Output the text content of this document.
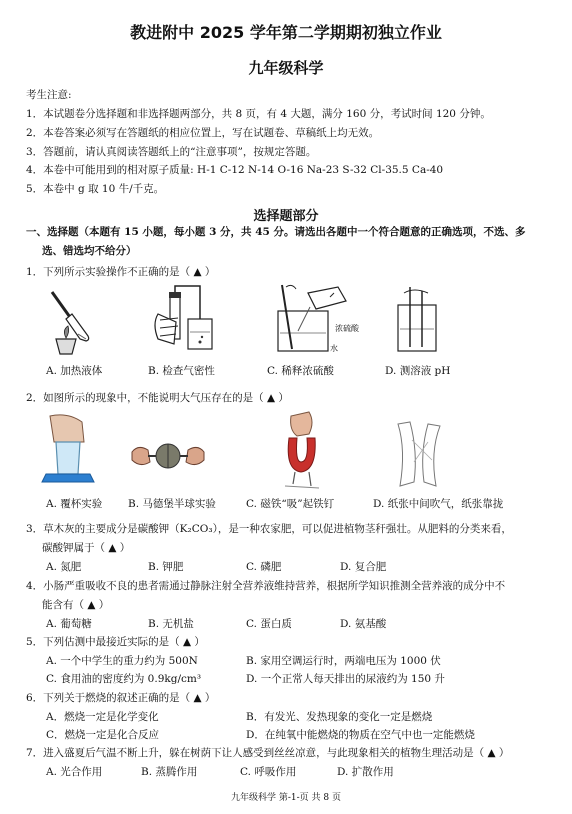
教进附中 2025 学年第二学期期初独立作业
九年级科学
考生注意:
1．本试题卷分选择题和非选择题两部分，共 8 页，有 4 大题，满分 160 分，考试时间 120 分钟。
2．本卷答案必须写在答题纸的相应位置上，写在试题卷、草稿纸上均无效。
3．答题前，请认真阅读答题纸上的“注意事项”，按规定答题。
4．本卷中可能用到的相对原子质量: H-1 C-12 N-14 O-16 Na-23 S-32 Cl-35.5 Ca-40
5．本卷中 g 取 10 牛/千克。
选择题部分
一、选择题（本题有 15 小题，每小题 3 分，共 45 分。请选出各题中一个符合题意的正确选项，不选、多
选、错选均不给分）
1．下列所示实验操作不正确的是（ ▲ ）
浓硫酸
水
A. 加热液体	B. 检查气密性	C. 稀释浓硫酸	D. 测溶液 pH
2．如图所示的现象中，不能说明大气压存在的是（ ▲ ）
A. 覆杯实验 B. 马德堡半球实验	C. 磁铁“吸”起铁钉	D. 纸张中间吹气，纸张靠拢
3．草木灰的主要成分是碳酸钾（K₂CO₃），是一种农家肥，可以促进植物茎秆强壮。从肥料的分类来看，
碳酸钾属于（ ▲ ）
A. 氮肥	B. 钾肥	C. 磷肥	D. 复合肥
4．小肠严重吸收不良的患者需通过静脉注射全营养液维持营养，根据所学知识推测全营养液的成分中不
能含有（ ▲ ）
A. 葡萄糖	B. 无机盐	C. 蛋白质	D. 氨基酸
5．下列估测中最接近实际的是（ ▲ ）
A. 一个中学生的重力约为 500N	B. 家用空调运行时，两端电压为 1000 伏
C. 食用油的密度约为 0.9kg/cm³	D. 一个正常人每天排出的尿液约为 150 升
6．下列关于燃烧的叙述正确的是（ ▲ ）
A．燃烧一定是化学变化	B．有发光、发热现象的变化一定是燃烧
C．燃烧一定是化合反应	D．在纯氧中能燃烧的物质在空气中也一定能燃烧
7．进入盛夏后气温不断上升，躲在树荫下让人感受到丝丝凉意，与此现象相关的植物生理活动是（ ▲ ）
A. 光合作用	B. 蒸腾作用	C. 呼吸作用	D. 扩散作用
九年级科学 第-1-页 共 8 页
